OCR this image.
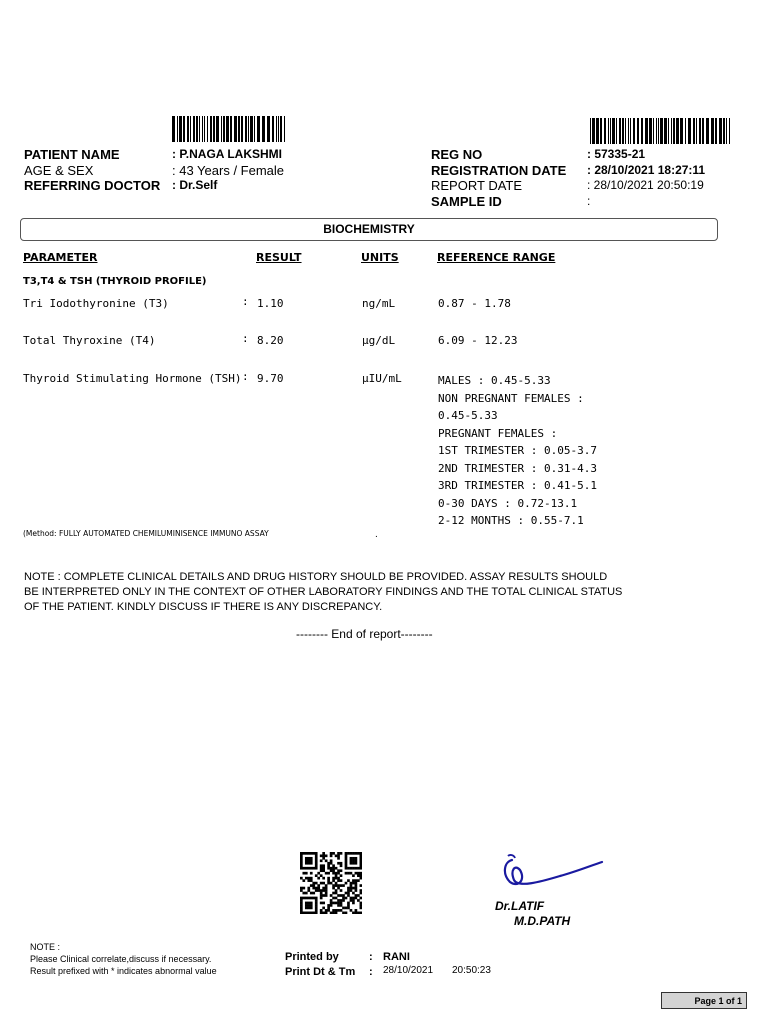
PATIENT NAME	: P.NAGA LAKSHMI
AGE & SEX	: 43 Years / Female
REFERRING DOCTOR : Dr.Self
REG NO	: 57335-21
REGISTRATION DATE : 28/10/2021 18:27:11
REPORT DATE	: 28/10/2021 20:50:19
SAMPLE ID	:
BIOCHEMISTRY
PARAMETER	RESULT	UNITS	REFERENCE RANGE
T3,T4 & TSH (THYROID PROFILE)
Tri Iodothyronine (T3)	: 1.10	ng/mL	0.87 - 1.78
Total Thyroxine (T4)	: 8.20	µg/dL	6.09 - 12.23
Thyroid Stimulating Hormone (TSH) : 9.70	µIU/mL	MALES : 0.45-5.33
NON PREGNANT FEMALES :
0.45-5.33
PREGNANT FEMALES :
1ST TRIMESTER : 0.05-3.7
2ND TRIMESTER : 0.31-4.3
3RD TRIMESTER : 0.41-5.1
0-30 DAYS : 0.72-13.1
2-12 MONTHS : 0.55-7.1
(Method: FULLY AUTOMATED CHEMILUMINISENCE IMMUNO ASSAY	.
NOTE : COMPLETE CLINICAL DETAILS AND DRUG HISTORY SHOULD BE PROVIDED. ASSAY RESULTS SHOULD BE INTERPRETED ONLY IN THE CONTEXT OF OTHER LABORATORY FINDINGS AND THE TOTAL CLINICAL STATUS OF THE PATIENT. KINDLY DISCUSS IF THERE IS ANY DISCREPANCY.
-------- End of report--------
Dr.LATIF
M.D.PATH
NOTE :
Please Clinical correlate,discuss if necessary.
Result prefixed with * indicates abnormal value
Printed by	: RANI
Print Dt & Tm : 28/10/2021 20:50:23
Page 1 of 1
